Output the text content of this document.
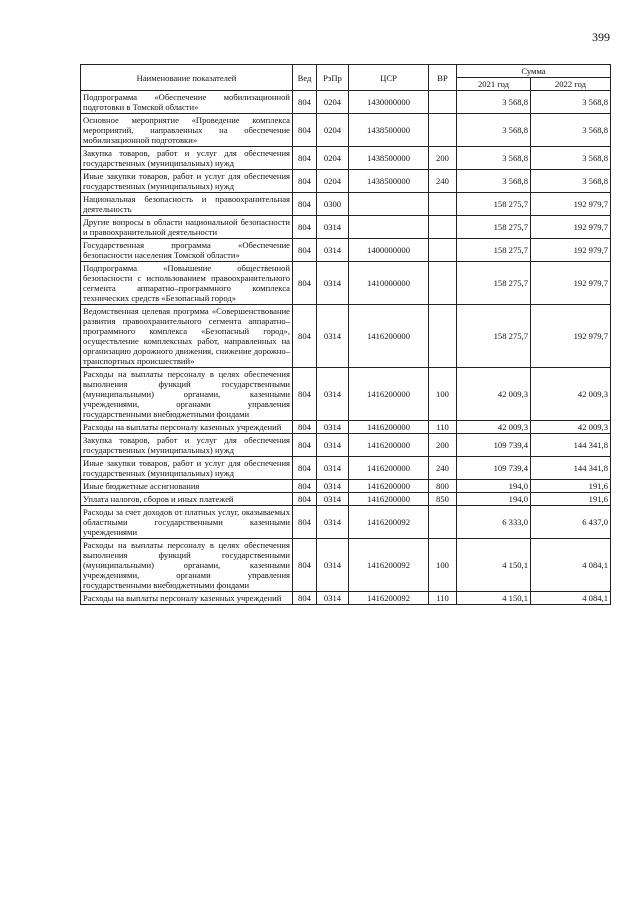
399
Наименование показателей	Вед	РзПр	ЦСР	ВР	Сумма	
					2021 год	2022 год
Подпрограмма «Обеспечение мобилизационной подготовки в Томской области»	804	0204	1430000000		3 568,8	3 568,8
Основное мероприятие «Проведение комплекса мероприятий, направленных на обеспечение мобилизационной подготовки»	804	0204	1438500000		3 568,8	3 568,8
Закупка товаров, работ и услуг для обеспечения государственных (муниципальных) нужд	804	0204	1438500000	200	3 568,8	3 568,8
Иные закупки товаров, работ и услуг для обеспечения государственных (муниципальных) нужд	804	0204	1438500000	240	3 568,8	3 568,8
Национальная безопасность и правоохранительная деятельность	804	0300			158 275,7	192 979,7
Другие вопросы в области национальной безопасности и правоохранительной деятельности	804	0314			158 275,7	192 979,7
Государственная программа «Обеспечение безопасности населения Томской области»	804	0314	1400000000		158 275,7	192 979,7
Подпрограмма «Повышение общественной безопасности с использованием правоохранительного сегмента аппаратно–программного комплекса технических средств «Безопасный город»	804	0314	1410000000		158 275,7	192 979,7
Ведомственная целевая прогрмма «Совершенствование развития правоохранительного сегмента аппаратно–программного комплекса «Безопасный город», осуществление комплексных работ, направленных на организацию дорожного движения, снижение дорожно–транспортных происшествий»	804	0314	1416200000		158 275,7	192 979,7
Расходы на выплаты персоналу в целях обеспечения выполнения функций государственными (муниципальными) органами, казенными учреждениями, органами управления государственными внебюджетными фондами	804	0314	1416200000	100	42 009,3	42 009,3
Расходы на выплаты персоналу казенных учреждений	804	0314	1416200000	110	42 009,3	42 009,3
Закупка товаров, работ и услуг для обеспечения государственных (муниципальных) нужд	804	0314	1416200000	200	109 739,4	144 341,8
Иные закупки товаров, работ и услуг для обеспечения государственных (муниципальных) нужд	804	0314	1416200000	240	109 739,4	144 341,8
Иные бюджетные ассигнования	804	0314	1416200000	800	194,0	191,6
Уплата налогов, сборов и иных платежей	804	0314	1416200000	850	194,0	191,6
Расходы за счет доходов от платных услуг, оказываемых областными государственными казенными учреждениями	804	0314	1416200092		6 333,0	6 437,0
Расходы на выплаты персоналу в целях обеспечения выполнения функций государственными (муниципальными) органами, казенными учреждениями, органами управления государственными внебюджетными фондами	804	0314	1416200092	100	4 150,1	4 084,1
Расходы на выплаты персоналу казенных учреждений	804	0314	1416200092	110	4 150,1	4 084,1
